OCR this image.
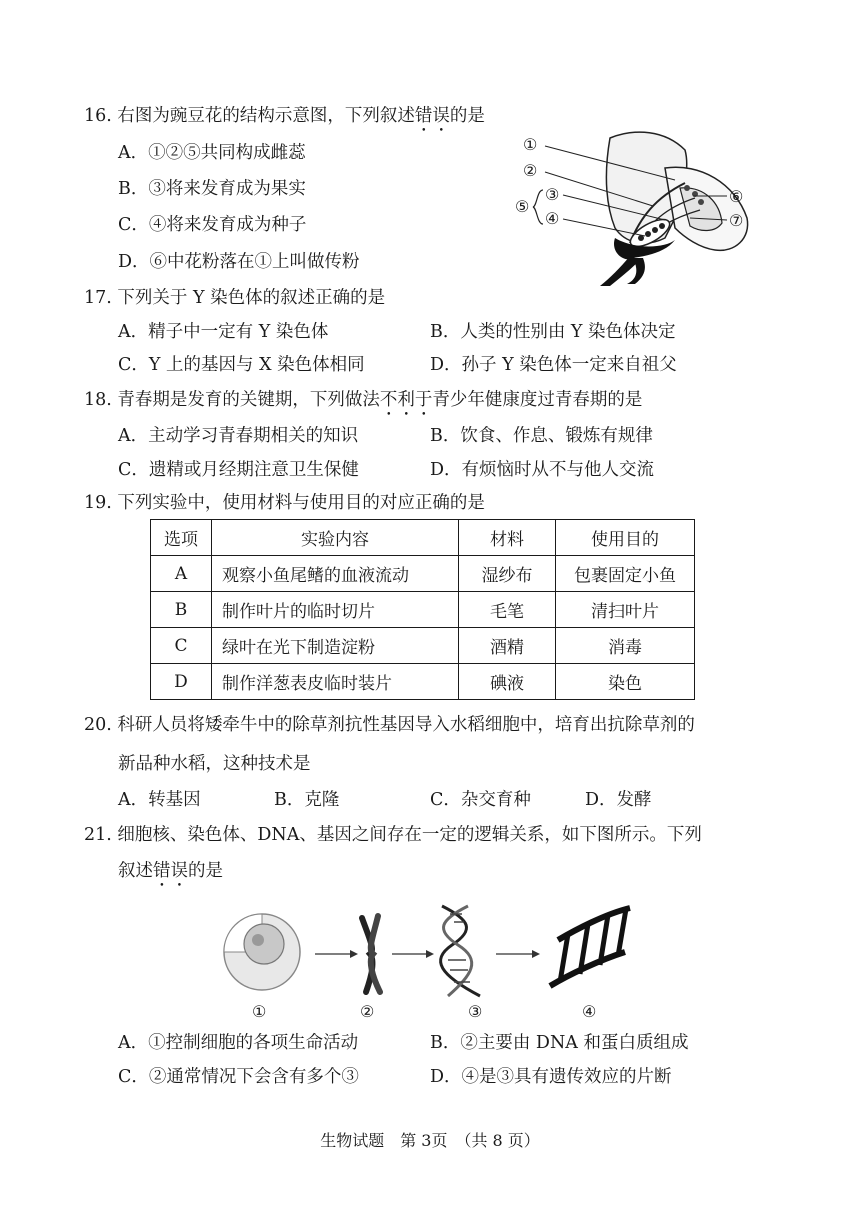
16. 右图为豌豆花的结构示意图，下列叙述错误的是
A．①②⑤共同构成雌蕊
B．③将来发育成为果实
C．④将来发育成为种子
D．⑥中花粉落在①上叫做传粉
①
②
③
④
⑤
⑥
⑦
17. 下列关于 Y 染色体的叙述正确的是
A．精子中一定有 Y 染色体	B．人类的性别由 Y 染色体决定
C．Y 上的基因与 X 染色体相同	D．孙子 Y 染色体一定来自祖父
18. 青春期是发育的关键期，下列做法不利于青少年健康度过青春期的是
A．主动学习青春期相关的知识	B．饮食、作息、锻炼有规律
C．遗精或月经期注意卫生保健	D．有烦恼时从不与他人交流
19. 下列实验中，使用材料与使用目的对应正确的是
选项	实验内容	材料	使用目的
A	观察小鱼尾鳍的血液流动	湿纱布	包裹固定小鱼
B	制作叶片的临时切片	毛笔	清扫叶片
C	绿叶在光下制造淀粉	酒精	消毒
D	制作洋葱表皮临时装片	碘液	染色
20. 科研人员将矮牵牛中的除草剂抗性基因导入水稻细胞中，培育出抗除草剂的
新品种水稻，这种技术是
A．转基因	B．克隆	C．杂交育种	D．发酵
21. 细胞核、染色体、DNA、基因之间存在一定的逻辑关系，如下图所示。下列
叙述错误的是
①	②	③	④
A．①控制细胞的各项生命活动	B．②主要由 DNA 和蛋白质组成
C．②通常情况下会含有多个③	D．④是③具有遗传效应的片断
生物试题　第 3页　（共 8 页）
